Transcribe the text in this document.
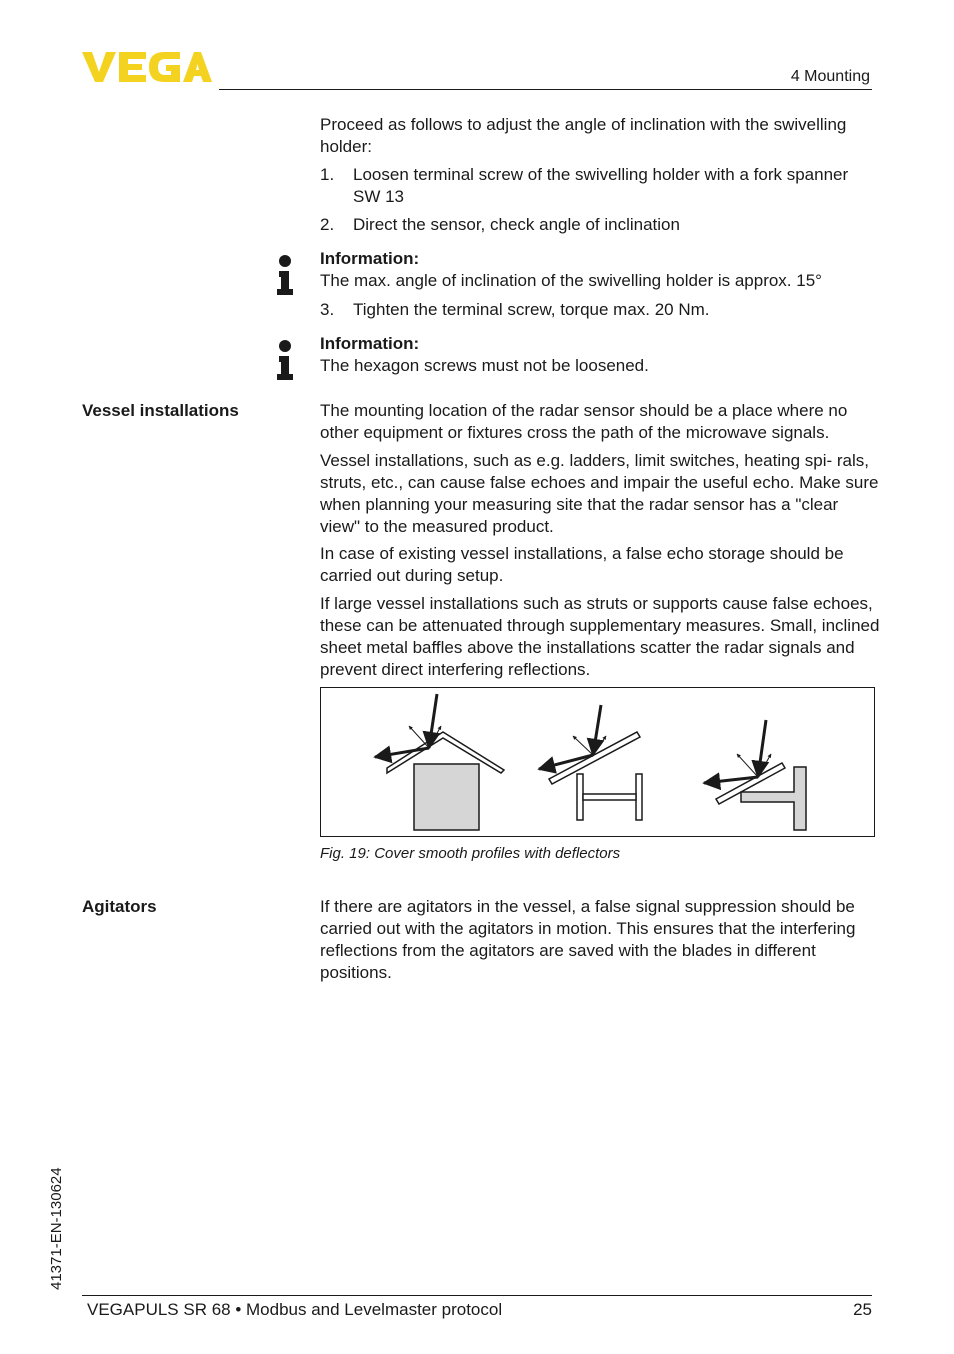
4 Mounting

Proceed as follows to adjust the angle of inclination with the swivelling holder:

1. Loosen terminal screw of the swivelling holder with a fork spanner SW 13
2. Direct the sensor, check angle of inclination
Information:
The max. angle of inclination of the swivelling holder is approx. 15°
3. Tighten the terminal screw, torque max. 20 Nm.
Information:
The hexagon screws must not be loosened.
Vessel installations	The mounting location of the radar sensor should be a place where no other equipment or fixtures cross the path of the microwave signals.

Vessel installations, such as e.g. ladders, limit switches, heating spi- rals, struts, etc., can cause false echoes and impair the useful echo. Make sure when planning your measuring site that the radar sensor has a "clear view" to the measured product.

In case of existing vessel installations, a false echo storage should be carried out during setup.

If large vessel installations such as struts or supports cause false echoes, these can be attenuated through supplementary measures. Small, inclined sheet metal baffles above the installations scatter the radar signals and prevent direct interfering reflections.

Fig. 19: Cover smooth profiles with deflectors
Agitators	If there are agitators in the vessel, a false signal suppression should be carried out with the agitators in motion. This ensures that the interfering reflections from the agitators are saved with the blades in different positions.

41371-EN-130624
VEGAPULS SR 68 • Modbus and Levelmaster protocol	25
